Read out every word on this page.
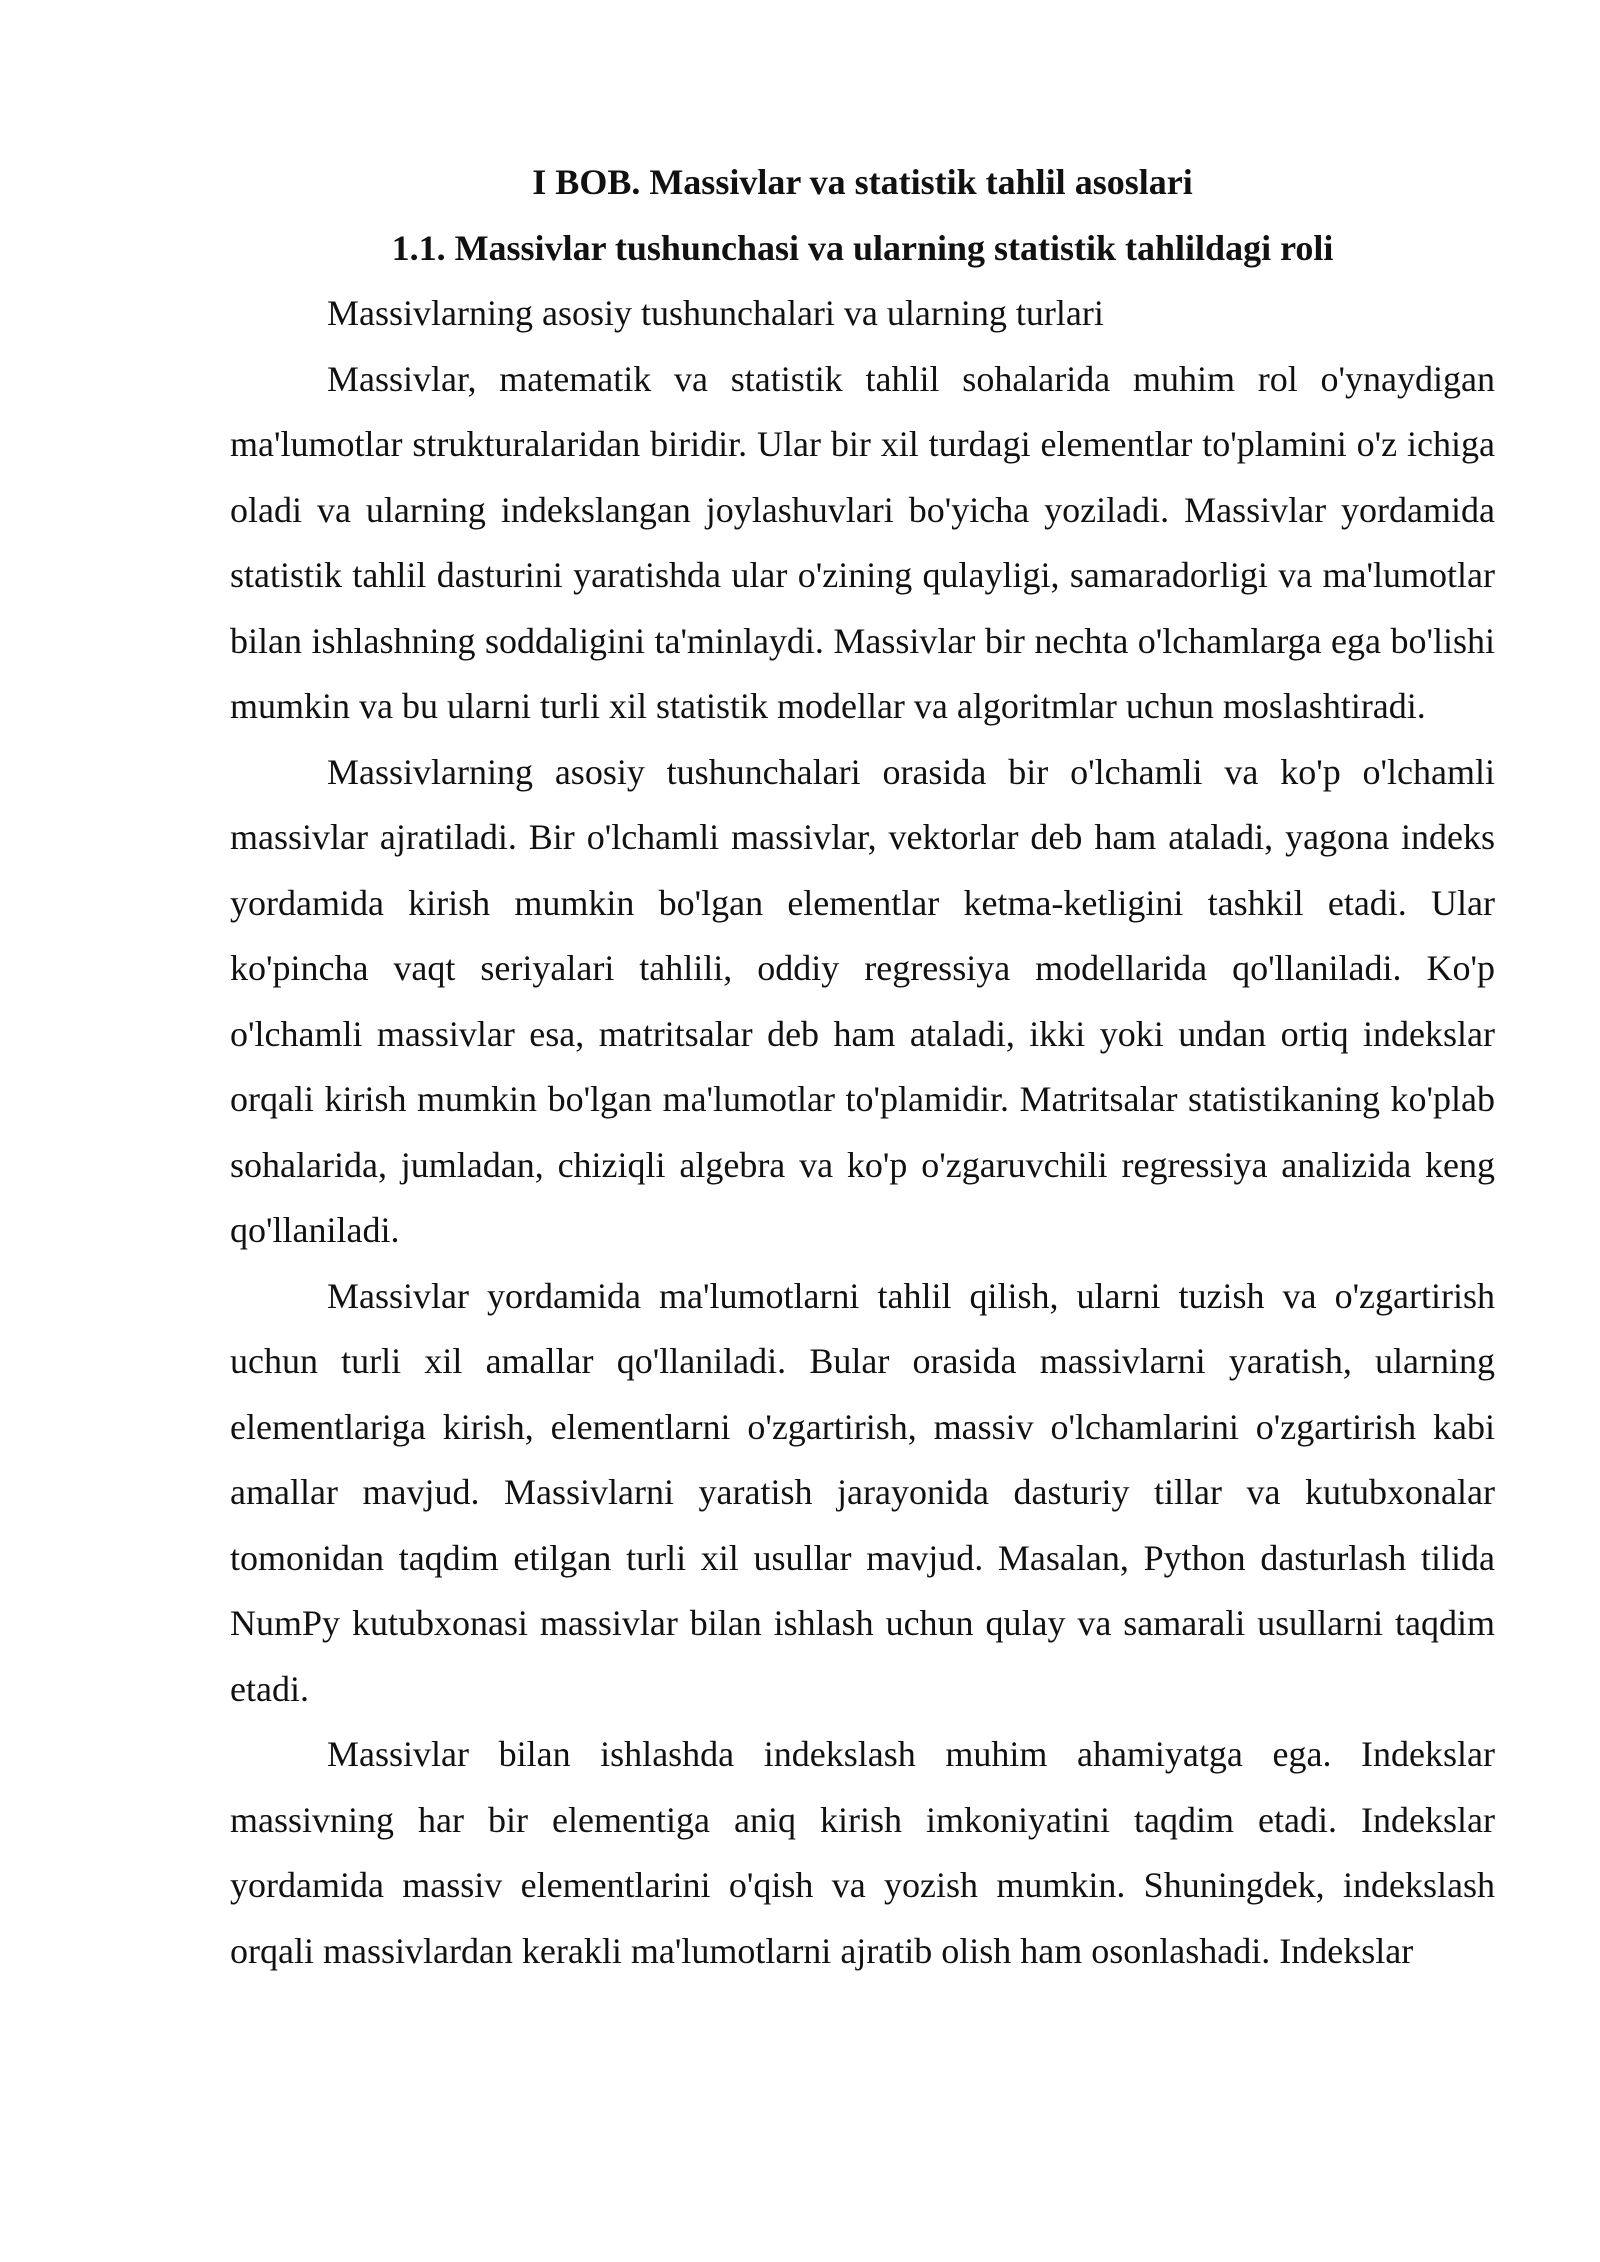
I BOB. Massivlar va statistik tahlil asoslari
1.1. Massivlar tushunchasi va ularning statistik tahlildagi roli

Massivlarning asosiy tushunchalari va ularning turlari

Massivlar, matematik va statistik tahlil sohalarida muhim rol o'ynaydigan ma'lumotlar strukturalaridan biridir. Ular bir xil turdagi elementlar to'plamini o'z ichiga oladi va ularning indekslangan joylashuvlari bo'yicha yoziladi. Massivlar yordamida statistik tahlil dasturini yaratishda ular o'zining qulayligi, samaradorligi va ma'lumotlar bilan ishlashning soddaligini ta'minlaydi. Massivlar bir nechta o'lchamlarga ega bo'lishi mumkin va bu ularni turli xil statistik modellar va algoritmlar uchun moslashtiradi.

Massivlarning asosiy tushunchalari orasida bir o'lchamli va ko'p o'lchamli massivlar ajratiladi. Bir o'lchamli massivlar, vektorlar deb ham ataladi, yagona indeks yordamida kirish mumkin bo'lgan elementlar ketma-ketligini tashkil etadi. Ular ko'pincha vaqt seriyalari tahlili, oddiy regressiya modellarida qo'llaniladi. Ko'p o'lchamli massivlar esa, matritsalar deb ham ataladi, ikki yoki undan ortiq indekslar orqali kirish mumkin bo'lgan ma'lumotlar to'plamidir. Matritsalar statistikaning ko'plab sohalarida, jumladan, chiziqli algebra va ko'p o'zgaruvchili regressiya analizida keng qo'llaniladi.

Massivlar yordamida ma'lumotlarni tahlil qilish, ularni tuzish va o'zgartirish uchun turli xil amallar qo'llaniladi. Bular orasida massivlarni yaratish, ularning elementlariga kirish, elementlarni o'zgartirish, massiv o'lchamlarini o'zgartirish kabi amallar mavjud. Massivlarni yaratish jarayonida dasturiy tillar va kutubxonalar tomonidan taqdim etilgan turli xil usullar mavjud. Masalan, Python dasturlash tilida NumPy kutubxonasi massivlar bilan ishlash uchun qulay va samarali usullarni taqdim etadi.

Massivlar bilan ishlashda indekslash muhim ahamiyatga ega. Indekslar massivning har bir elementiga aniq kirish imkoniyatini taqdim etadi. Indekslar yordamida massiv elementlarini o'qish va yozish mumkin. Shuningdek, indekslash orqali massivlardan kerakli ma'lumotlarni ajratib olish ham osonlashadi. Indekslar
